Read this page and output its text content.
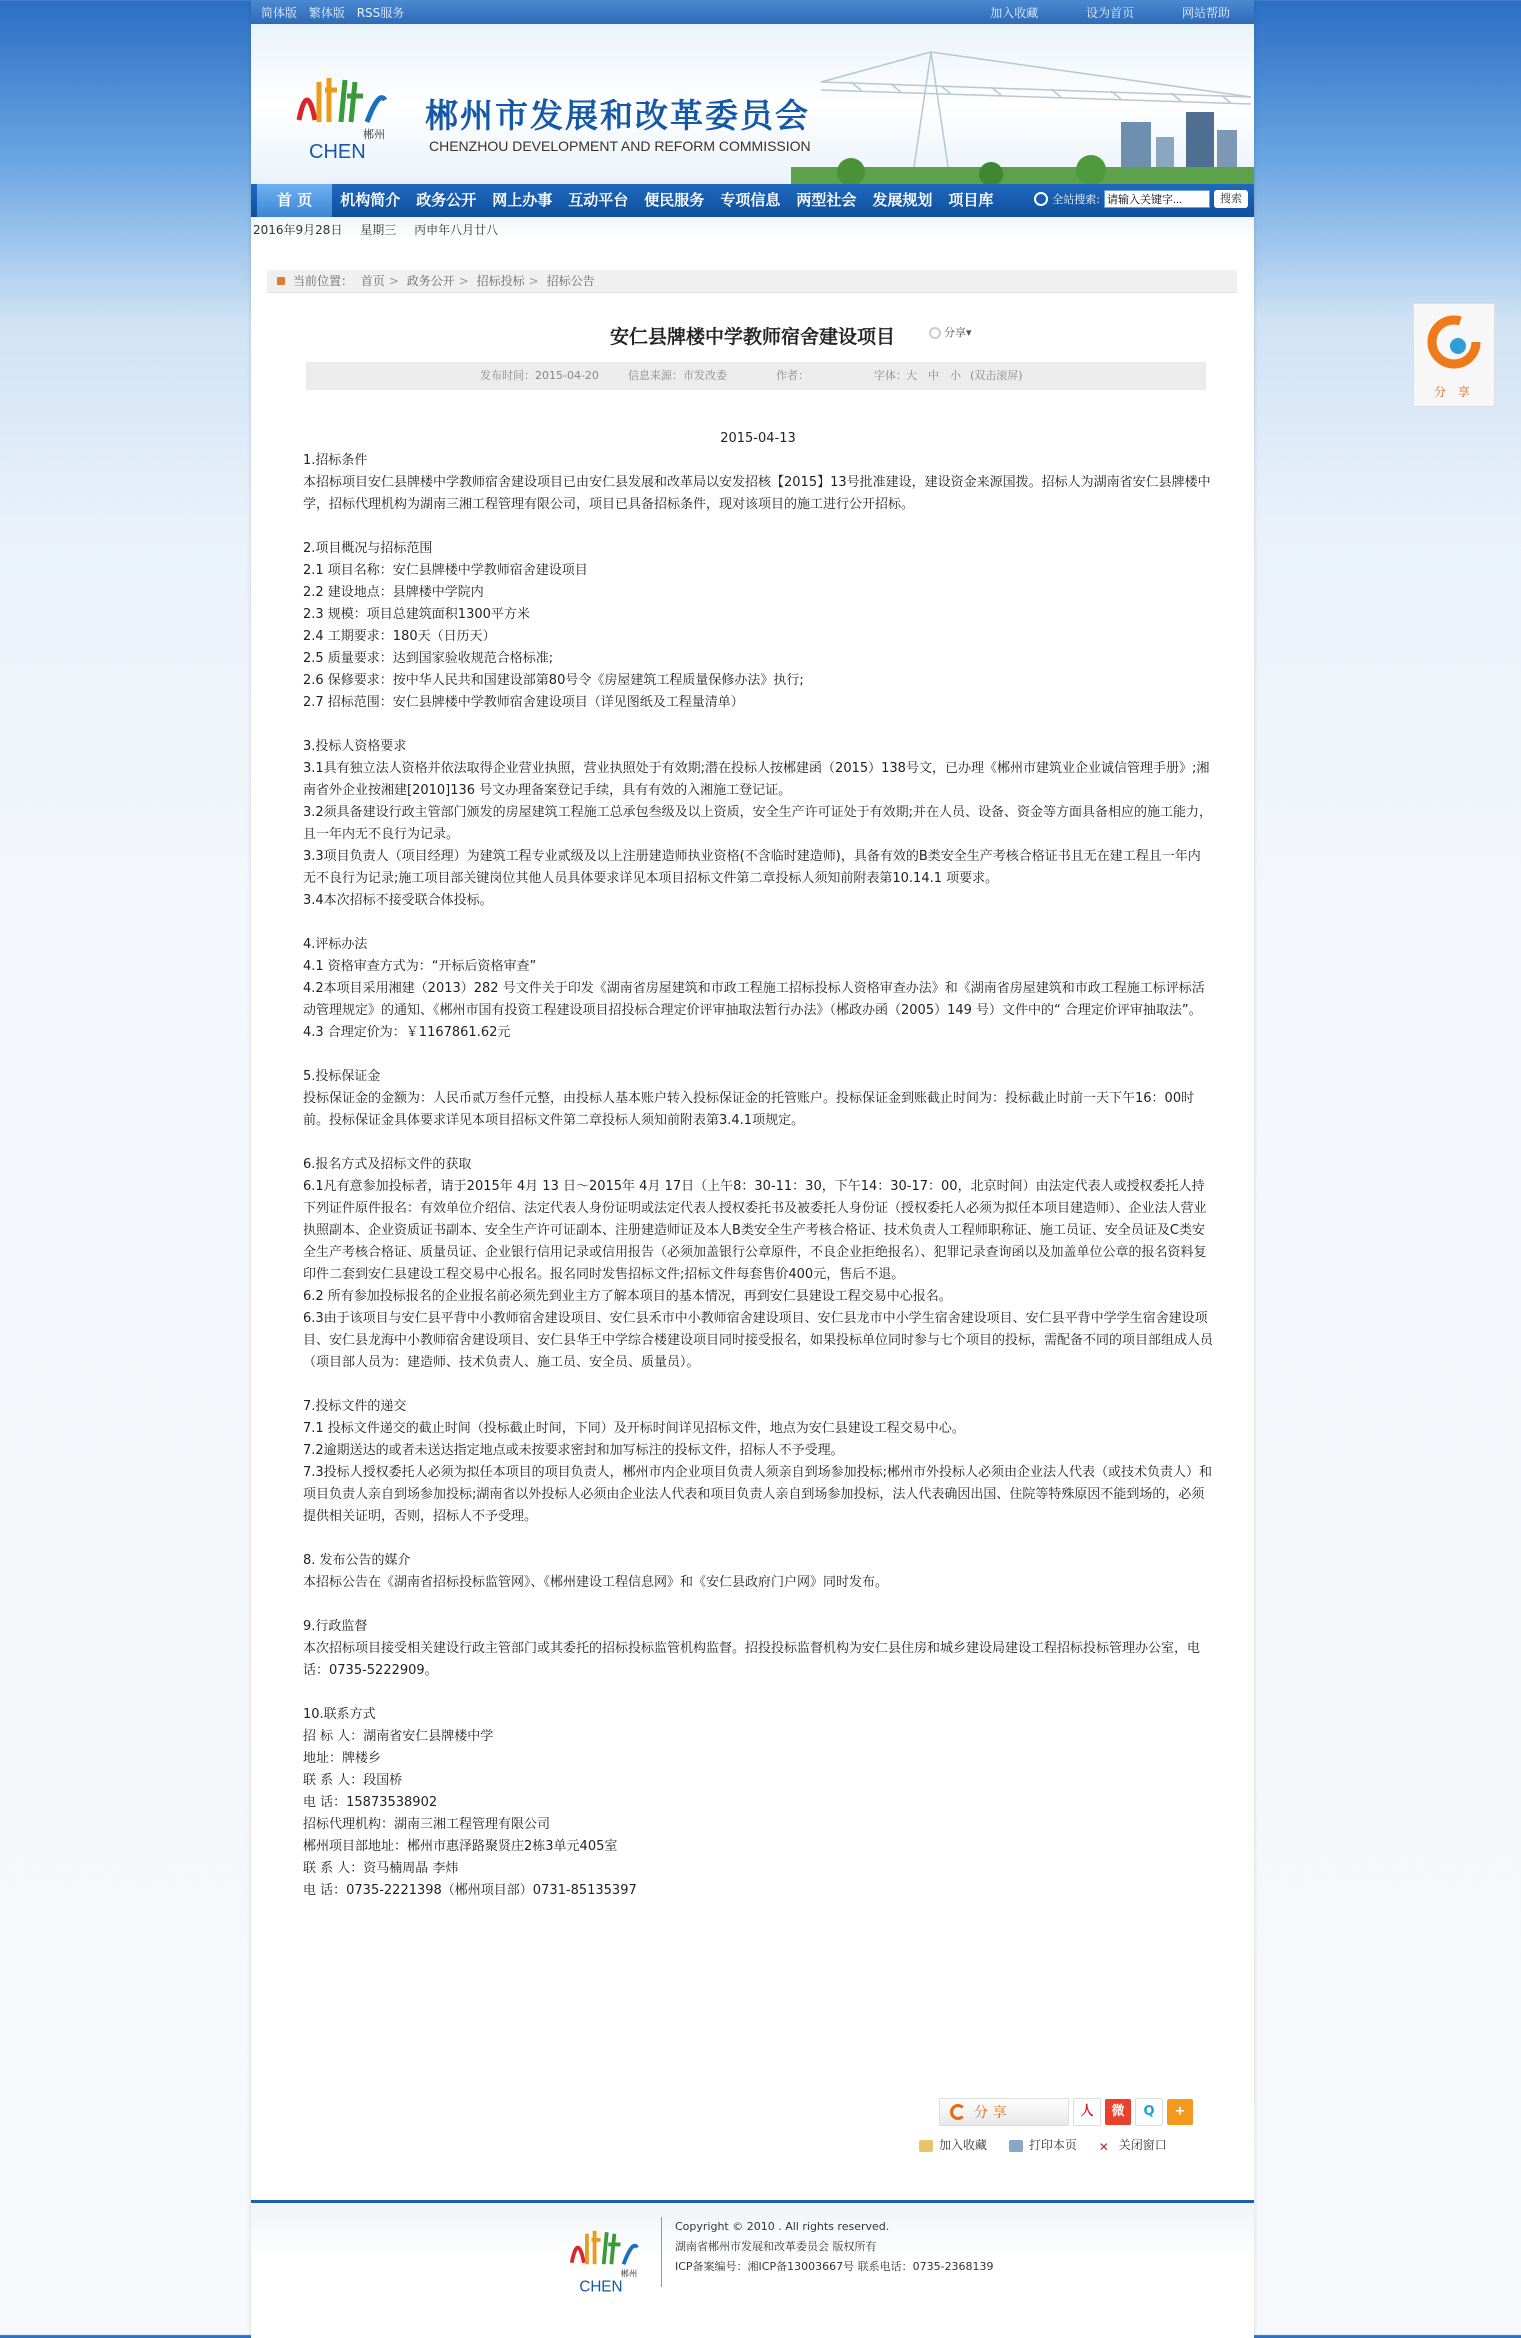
简体版 繁体版 RSS服务	加入收藏	设为首页	网站帮助
郴州
CHEN
郴州市发展和改革委员会
CHENZHOU DEVELOPMENT AND REFORM COMMISSION
首 页	机构简介	政务公开	网上办事	互动平台	便民服务	专项信息	两型社会	发展规划	项目库	全站搜索:
请输入关键字...	搜索
2016年9月28日 星期三 丙申年八月廿八
当前位置： 首页 > 政务公开 > 招标投标 > 招标公告
安仁县牌楼中学教师宿舍建设项目	分享▾
发布时间：2015-04-20	信息来源：市发改委	作者：	字体： 大 中 小 (双击滚屏)
2015-04-13

1.招标条件

本招标项目安仁县牌楼中学教师宿舍建设项目已由安仁县发展和改革局以安发招核【2015】13号批准建设，建设资金来源国拨。招标人为湖南省安仁县牌楼中学，招标代理机构为湖南三湘工程管理有限公司，项目已具备招标条件，现对该项目的施工进行公开招标。

2.项目概况与招标范围

2.1 项目名称：安仁县牌楼中学教师宿舍建设项目

2.2 建设地点：县牌楼中学院内

2.3 规模：项目总建筑面积1300平方米

2.4 工期要求：180天（日历天）

2.5 质量要求：达到国家验收规范合格标准;

2.6 保修要求：按中华人民共和国建设部第80号令《房屋建筑工程质量保修办法》执行;

2.7 招标范围：安仁县牌楼中学教师宿舍建设项目（详见图纸及工程量清单）

3.投标人资格要求

3.1具有独立法人资格并依法取得企业营业执照，营业执照处于有效期;潜在投标人按郴建函（2015）138号文，已办理《郴州市建筑业企业诚信管理手册》;湘南省外企业按湘建[2010]136 号文办理备案登记手续，具有有效的入湘施工登记证。

3.2须具备建设行政主管部门颁发的房屋建筑工程施工总承包叁级及以上资质，安全生产许可证处于有效期;并在人员、设备、资金等方面具备相应的施工能力，且一年内无不良行为记录。

3.3项目负责人（项目经理）为建筑工程专业贰级及以上注册建造师执业资格(不含临时建造师)，具备有效的B类安全生产考核合格证书且无在建工程且一年内无不良行为记录;施工项目部关键岗位其他人员具体要求详见本项目招标文件第二章投标人须知前附表第10.14.1 项要求。

3.4本次招标不接受联合体投标。

4.评标办法

4.1 资格审查方式为：“开标后资格审查”

4.2本项目采用湘建（2013）282 号文件关于印发《湖南省房屋建筑和市政工程施工招标投标人资格审查办法》和《湖南省房屋建筑和市政工程施工标评标活动管理规定》的通知、《郴州市国有投资工程建设项目招投标合理定价评审抽取法暂行办法》（郴政办函（2005）149 号）文件中的“ 合理定价评审抽取法”。

4.3 合理定价为：￥1167861.62元

5.投标保证金

投标保证金的金额为：人民币贰万叁仟元整，由投标人基本账户转入投标保证金的托管账户。投标保证金到账截止时间为：投标截止时前一天下午16：00时前。投标保证金具体要求详见本项目招标文件第二章投标人须知前附表第3.4.1项规定。

6.报名方式及招标文件的获取

6.1凡有意参加投标者，请于2015年 4月 13 日～2015年 4月 17日（上午8：30-11：30，下午14：30-17：00，北京时间）由法定代表人或授权委托人持下列证件原件报名：有效单位介绍信、法定代表人身份证明或法定代表人授权委托书及被委托人身份证（授权委托人必须为拟任本项目建造师）、企业法人营业执照副本、企业资质证书副本、安全生产许可证副本、注册建造师证及本人B类安全生产考核合格证、技术负责人工程师职称证、施工员证、安全员证及C类安全生产考核合格证、质量员证、企业银行信用记录或信用报告（必须加盖银行公章原件，不良企业拒绝报名）、犯罪记录查询函以及加盖单位公章的报名资料复印件二套到安仁县建设工程交易中心报名。报名同时发售招标文件;招标文件每套售价400元，售后不退。

6.2 所有参加投标报名的企业报名前必须先到业主方了解本项目的基本情况，再到安仁县建设工程交易中心报名。

6.3由于该项目与安仁县平背中小教师宿舍建设项目、安仁县禾市中小教师宿舍建设项目、安仁县龙市中小学生宿舍建设项目、安仁县平背中学学生宿舍建设项目、安仁县龙海中小教师宿舍建设项目、安仁县华王中学综合楼建设项目同时接受报名，如果投标单位同时参与七个项目的投标，需配备不同的项目部组成人员（项目部人员为：建造师、技术负责人、施工员、安全员、质量员）。

7.投标文件的递交

7.1 投标文件递交的截止时间（投标截止时间，下同）及开标时间详见招标文件，地点为安仁县建设工程交易中心。

7.2逾期送达的或者未送达指定地点或未按要求密封和加写标注的投标文件，招标人不予受理。

7.3投标人授权委托人必须为拟任本项目的项目负责人，郴州市内企业项目负责人须亲自到场参加投标;郴州市外投标人必须由企业法人代表（或技术负责人）和项目负责人亲自到场参加投标;湖南省以外投标人必须由企业法人代表和项目负责人亲自到场参加投标，法人代表确因出国、住院等特殊原因不能到场的，必须提供相关证明，否则，招标人不予受理。

8. 发布公告的媒介

本招标公告在《湖南省招标投标监管网》、《郴州建设工程信息网》和《安仁县政府门户网》同时发布。

9.行政监督

本次招标项目接受相关建设行政主管部门或其委托的招标投标监管机构监督。招投投标监督机构为安仁县住房和城乡建设局建设工程招标投标管理办公室，电话：0735-5222909。

10.联系方式

招 标 人：湖南省安仁县牌楼中学

地址：牌楼乡

联 系 人：段国桥

电 话：15873538902

招标代理机构：湖南三湘工程管理有限公司

郴州项目部地址：郴州市惠泽路聚贤庄2栋3单元405室

联 系 人：资马楠周晶 李炜

电 话：0735-2221398（郴州项目部）0731-85135397

分 享	人	微	Q	+
加入收藏	打印本页 ✕ 关闭窗口
郴州
CHEN
Copyright © 2010 . All rights reserved.
湖南省郴州市发展和改革委员会 版权所有
ICP备案编号：湘ICP备13003667号 联系电话：0735-2368139
分 享
